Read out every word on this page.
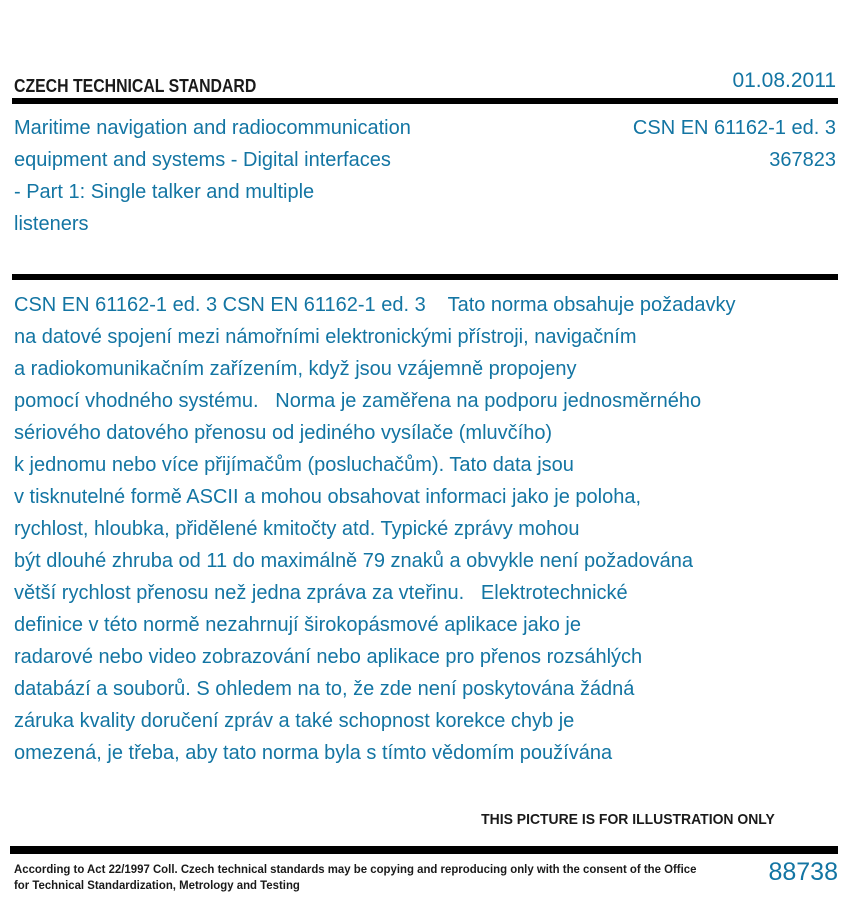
CZECH TECHNICAL STANDARD	01.08.2011
Maritime navigation and radiocommunication
equipment and systems - Digital interfaces
- Part 1: Single talker and multiple
listeners
CSN EN 61162-1 ed. 3
367823
CSN EN 61162-1 ed. 3 CSN EN 61162-1 ed. 3    Tato norma obsahuje požadavky
na datové spojení mezi námořními elektronickými přístroji, navigačním
a radiokomunikačním zařízením, když jsou vzájemně propojeny
pomocí vhodného systému.   Norma je zaměřena na podporu jednosměrného
sériového datového přenosu od jediného vysílače (mluvčího)
k jednomu nebo více přijímačům (posluchačům). Tato data jsou
v tisknutelné formě ASCII a mohou obsahovat informaci jako je poloha,
rychlost, hloubka, přidělené kmitočty atd. Typické zprávy mohou
být dlouhé zhruba od 11 do maximálně 79 znaků a obvykle není požadována
větší rychlost přenosu než jedna zpráva za vteřinu.   Elektrotechnické
definice v této normě nezahrnují širokopásmové aplikace jako je
radarové nebo video zobrazování nebo aplikace pro přenos rozsáhlých
databází a souborů. S ohledem na to, že zde není poskytována žádná
záruka kvality doručení zpráv a také schopnost korekce chyb je
omezená, je třeba, aby tato norma byla s tímto vědomím používána
THIS PICTURE IS FOR ILLUSTRATION ONLY
According to Act 22/1997 Coll. Czech technical standards may be copying and reproducing only with the consent of the Office
for Technical Standardization, Metrology and Testing	88738
